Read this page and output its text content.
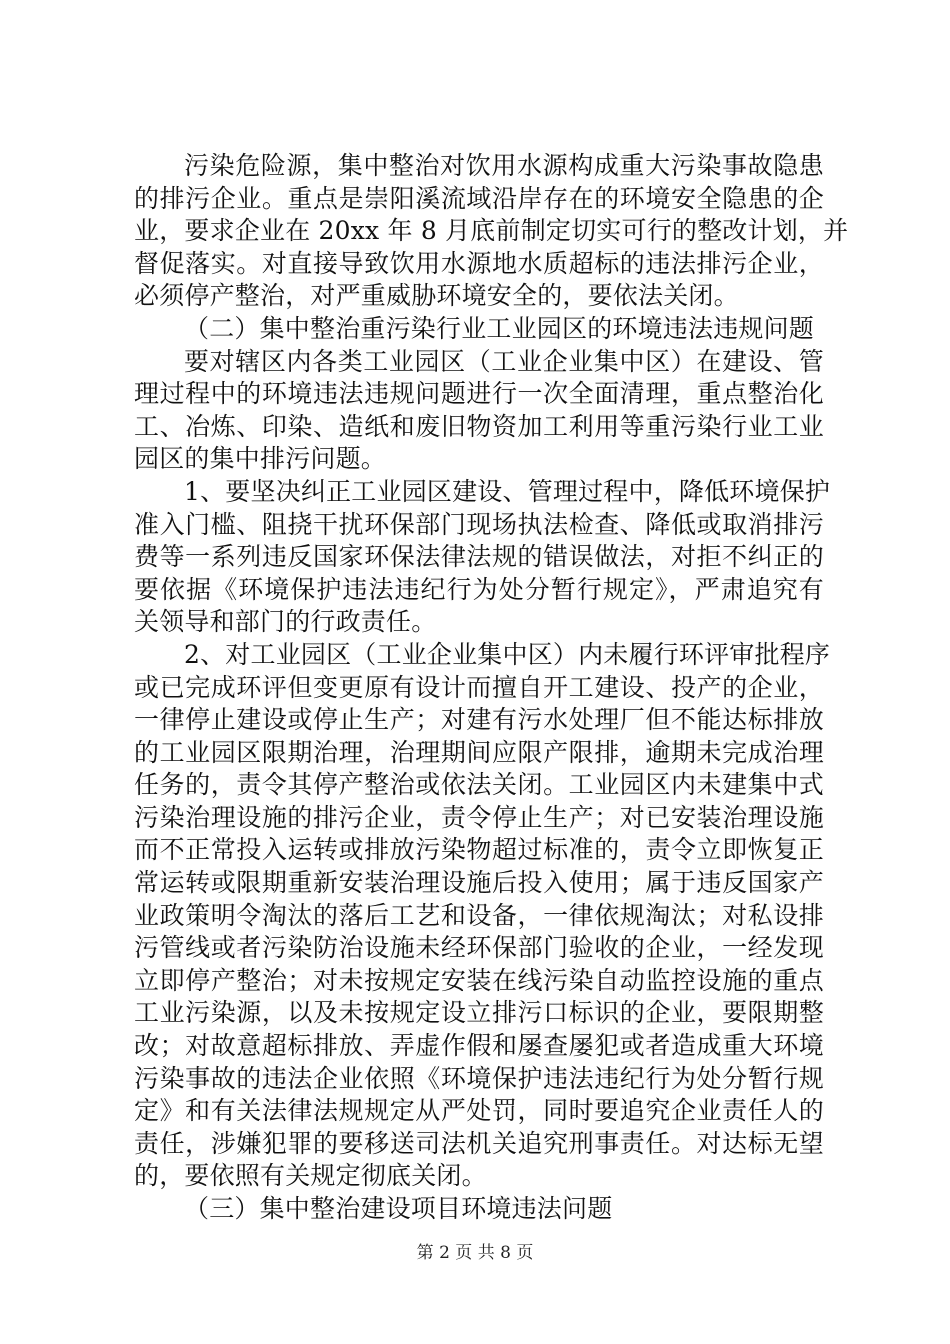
污染危险源，集中整治对饮用水源构成重大污染事故隐患
的排污企业。重点是崇阳溪流域沿岸存在的环境安全隐患的企
业，要求企业在 20xx 年 8 月底前制定切实可行的整改计划，并
督促落实。对直接导致饮用水源地水质超标的违法排污企业，
必须停产整治，对严重威胁环境安全的，要依法关闭。
（二）集中整治重污染行业工业园区的环境违法违规问题
要对辖区内各类工业园区（工业企业集中区）在建设、管
理过程中的环境违法违规问题进行一次全面清理，重点整治化
工、冶炼、印染、造纸和废旧物资加工利用等重污染行业工业
园区的集中排污问题。
1、要坚决纠正工业园区建设、管理过程中，降低环境保护
准入门槛、阻挠干扰环保部门现场执法检查、降低或取消排污
费等一系列违反国家环保法律法规的错误做法，对拒不纠正的
要依据《环境保护违法违纪行为处分暂行规定》，严肃追究有
关领导和部门的行政责任。
2、对工业园区（工业企业集中区）内未履行环评审批程序
或已完成环评但变更原有设计而擅自开工建设、投产的企业，
一律停止建设或停止生产；对建有污水处理厂但不能达标排放
的工业园区限期治理，治理期间应限产限排，逾期未完成治理
任务的，责令其停产整治或依法关闭。工业园区内未建集中式
污染治理设施的排污企业，责令停止生产；对已安装治理设施
而不正常投入运转或排放污染物超过标准的，责令立即恢复正
常运转或限期重新安装治理设施后投入使用；属于违反国家产
业政策明令淘汰的落后工艺和设备，一律依规淘汰；对私设排
污管线或者污染防治设施未经环保部门验收的企业，一经发现
立即停产整治；对未按规定安装在线污染自动监控设施的重点
工业污染源，以及未按规定设立排污口标识的企业，要限期整
改；对故意超标排放、弄虚作假和屡查屡犯或者造成重大环境
污染事故的违法企业依照《环境保护违法违纪行为处分暂行规
定》和有关法律法规规定从严处罚，同时要追究企业责任人的
责任，涉嫌犯罪的要移送司法机关追究刑事责任。对达标无望
的，要依照有关规定彻底关闭。
（三）集中整治建设项目环境违法问题
第 2 页 共 8 页
